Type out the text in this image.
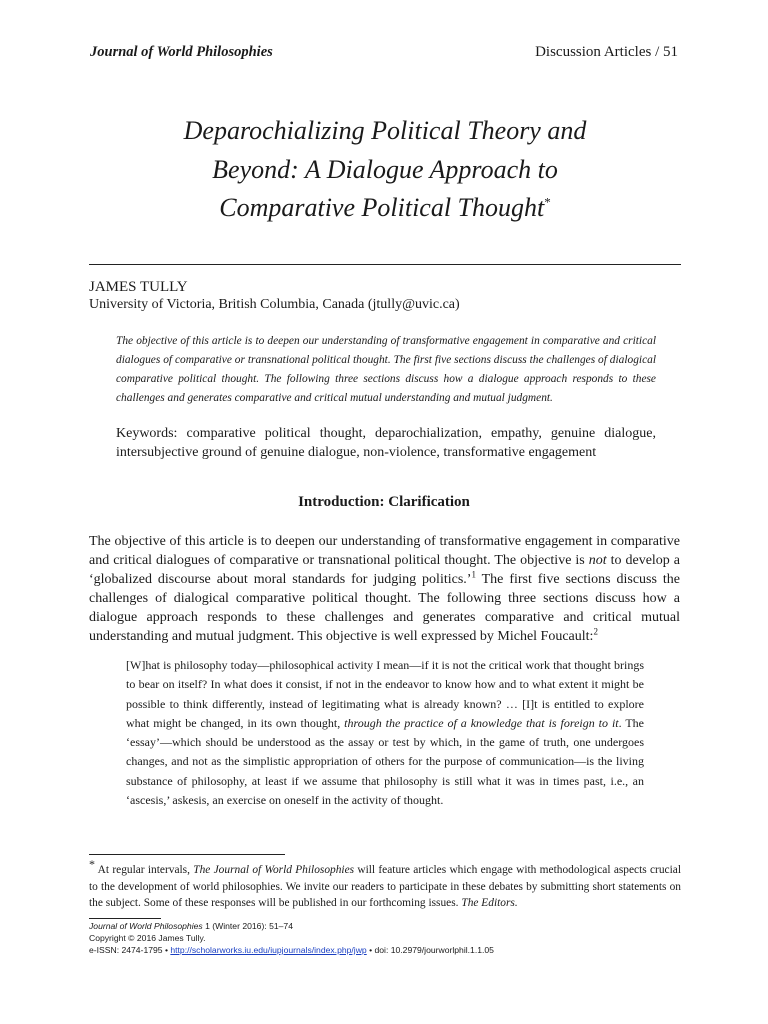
Journal of World Philosophies	Discussion Articles / 51
Deparochializing Political Theory and
Beyond: A Dialogue Approach to
Comparative Political Thought*
JAMES TULLY
University of Victoria, British Columbia, Canada (jtully@uvic.ca)
The objective of this article is to deepen our understanding of transformative engagement in comparative and critical dialogues of comparative or transnational political thought. The first five sections discuss the challenges of dialogical comparative political thought. The following three sections discuss how a dialogue approach responds to these challenges and generates comparative and critical mutual understanding and mutual judgment.
Keywords: comparative political thought, deparochialization, empathy, genuine dialogue, intersubjective ground of genuine dialogue, non-violence, transformative engagement
Introduction: Clarification
The objective of this article is to deepen our understanding of transformative engagement in comparative and critical dialogues of comparative or transnational political thought. The objective is not to develop a ‘globalized discourse about moral standards for judging politics.’$^1$ The first five sections discuss the challenges of dialogical comparative political thought. The following three sections discuss how a dialogue approach responds to these challenges and generates comparative and critical mutual understanding and mutual judgment. This objective is well expressed by Michel Foucault:$^2$
[W]hat is philosophy today—philosophical activity I mean—if it is not the critical work that thought brings to bear on itself? In what does it consist, if not in the endeavor to know how and to what extent it might be possible to think differently, instead of legitimating what is already known? … [I]t is entitled to explore what might be changed, in its own thought, through the practice of a knowledge that is foreign to it. The ‘essay’—which should be understood as the assay or test by which, in the game of truth, one undergoes changes, and not as the simplistic appropriation of others for the purpose of communication—is the living substance of philosophy, at least if we assume that philosophy is still what it was in times past, i.e., an ‘ascesis,’ askesis, an exercise on oneself in the activity of thought.
* At regular intervals, The Journal of World Philosophies will feature articles which engage with methodological aspects crucial to the development of world philosophies. We invite our readers to participate in these debates by submitting short statements on the subject. Some of these responses will be published in our forthcoming issues. The Editors.
Journal of World Philosophies 1 (Winter 2016): 51–74
Copyright © 2016 James Tully.
e-ISSN: 2474-1795 • http://scholarworks.iu.edu/iupjournals/index.php/jwp • doi: 10.2979/jourworlphil.1.1.05
